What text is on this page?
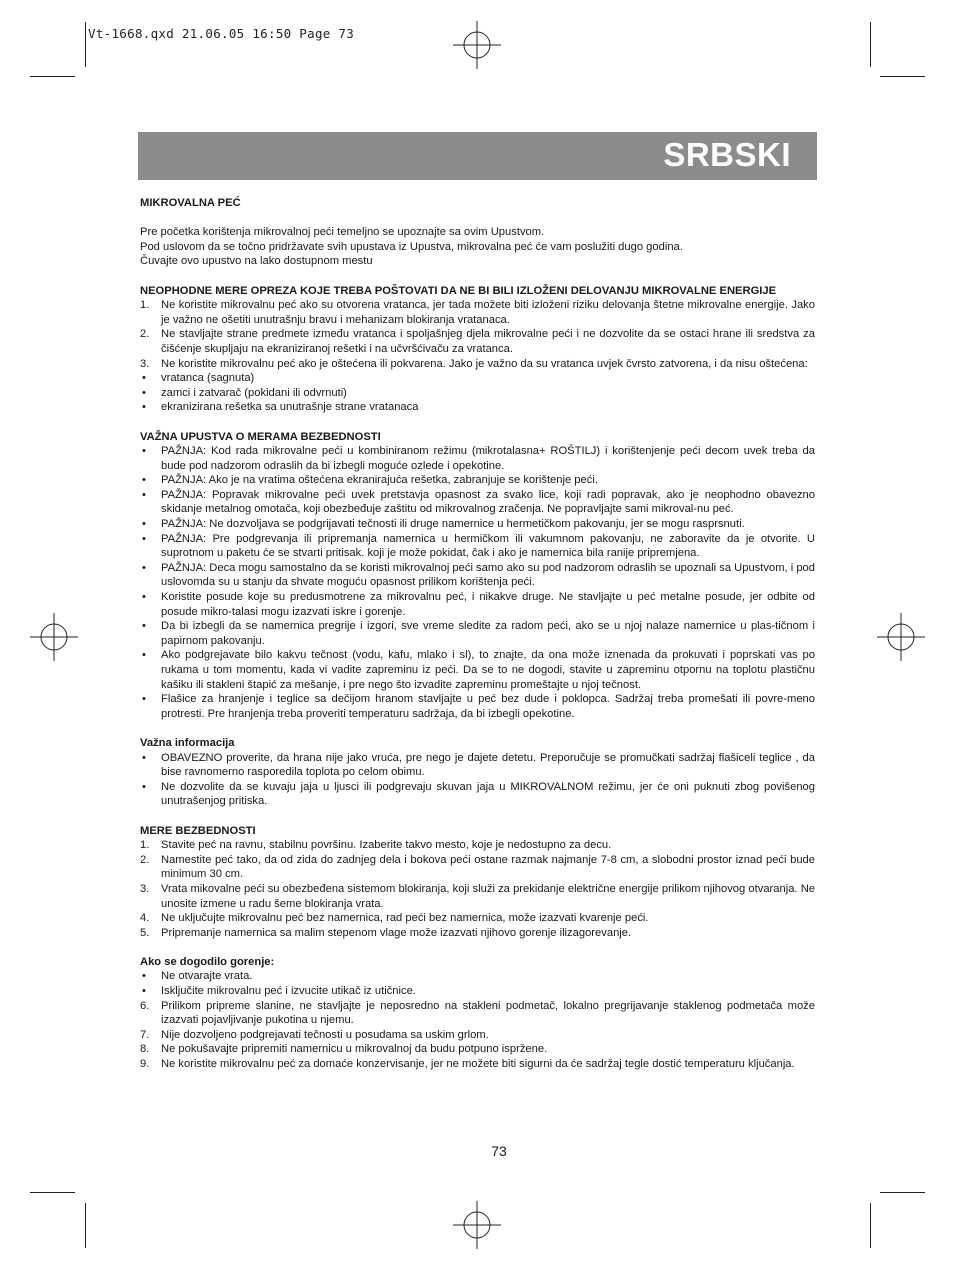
Vt-1668.qxd 21.06.05 16:50 Page 73
SRBSKI
MIKROVALNA PEĆ

Pre početka korištenja mikrovalnoj peći temeljno se upoznajte sa ovim Upustvom.

Pod uslovom da se točno pridržavate svih upustava iz Upustva, mikrovalna peć će vam poslužiti dugo godina.

Čuvajte ovo upustvo na lako dostupnom mestu

NEOPHODNE MERE OPREZA KOJE TREBA POŠTOVATI DA NE BI BILI IZLOŽENI DELOVANJU MIKROVALNE ENERGIJE
1. Ne koristite mikrovalnu peć ako su otvorena vratanca, jer tada možete biti izloženi riziku delovanja štetne mikrovalne energije. Jako je važno ne ošetiti unutrašnju bravu i mehanizam blokiranja vratanaca.
2. Ne stavljajte strane predmete između vratanca i spoljašnjeg djela mikrovalne peći i ne dozvolite da se ostaci hrane ili sredstva za čišćenje skupljaju na ekraniziranoj rešetki i na učvršćivaču za vratanca.
3. Ne koristite mikrovalnu peć ako je oštećena ili pokvarena. Jako je važno da su vratanca uvjek čvrsto zatvorena, i da nisu oštećena:
• vratanca (sagnuta)
• zamci i zatvarač (pokidani ili odvrnuti)
• ekranizirana rešetka sa unutrašnje strane vratanaca
VAŽNA UPUSTVA O MERAMA BEZBEDNOSTI
• PAŽNJA: Kod rada mikrovalne peći u kombiniranom režimu (mikrotalasna+ ROŠTILJ) i korištenjenje peći decom uvek treba da bude pod nadzorom odraslih da bi izbegli moguće ozlede i opekotine.
• PAŽNJA: Ako je na vratima oštećena ekranirajuća rešetka, zabranjuje se korištenje peći.
• PAŽNJA: Popravak mikrovalne peći uvek pretstavja opasnost za svako lice, koji radi popravak, ako je neophodno obavezno skidanje metalnog omotača, koji obezbeđuje zaštitu od mikrovalnog zračenja. Ne popravljajte sami mikroval-nu peć.
• PAŽNJA: Ne dozvoljava se podgrijavati tečnosti ili druge namernice u hermetičkom pakovanju, jer se mogu rasprsnuti.
• PAŽNJA: Pre podgrevanja ili pripremanja namernica u hermičkom ili vakumnom pakovanju, ne zaboravite da je otvorite. U suprotnom u paketu će se stvarti pritisak. koji je može pokidat, čak i ako je namernica bila ranije pripremjena.
• PAŽNJA: Deca mogu samostalno da se koristi mikrovalnoj peći samo ako su pod nadzorom odraslih se upoznali sa Upustvom, i pod uslovomda su u stanju da shvate moguću opasnost prilikom korištenja peći.
• Koristite posude koje su predusmotrene za mikrovalnu peć, i nikakve druge. Ne stavljajte u peć metalne posude, jer odbite od posude mikro-talasi mogu izazvati iskre i gorenje.
• Da bi izbegli da se namernica pregrije i izgori, sve vreme sledite za radom peći, ako se u njoj nalaze namernice u plas-tičnom i papirnom pakovanju.
• Ako podgrejavate bilo kakvu tečnost (vodu, kafu, mlako i sl), to znajte, da ona može iznenada da prokuvati i poprskati vas po rukama u tom momentu, kada vi vadite zapreminu iz peći. Da se to ne dogodi, stavite u zapreminu otpornu na toplotu plastičnu kašiku ili stakleni štapić za mešanje, i pre nego što izvadite zapreminu promeštajte u njoj tečnost.
• Flašice za hranjenje i teglice sa dečijom hranom stavljajte u peć bez dude i poklopca. Sadržaj treba promešati ili povre-meno protresti. Pre hranjenja treba proveriti temperaturu sadržaja, da bi izbegli opekotine.
Važna informacija
• OBAVEZNO proverite, da hrana nije jako vruća, pre nego je dajete detetu. Preporučuje se promučkati sadržaj flašiceli teglice , da bise ravnomerno rasporedila toplota po celom obimu.
• Ne dozvolite da se kuvaju jaja u ljusci ili podgrevaju skuvan jaja u MIKROVALNOM režimu, jer će oni puknuti zbog povišenog unutrašenjog pritiska.
MERE BEZBEDNOSTI
1. Stavite peć na ravnu, stabilnu površinu. Izaberite takvo mesto, koje je nedostupno za decu.
2. Namestite peć tako, da od zida do zadnjeg dela i bokova peći ostane razmak najmanje 7-8 cm, a slobodni prostor iznad peći bude minimum 30 cm.
3. Vrata mikovalne peći su obezbeđena sistemom blokiranja, koji služi za prekidanje električne energije prilikom njihovog otvaranja. Ne unosite izmene u radu šeme blokiranja vrata.
4. Ne uključujte mikrovalnu peć bez namernica, rad peći bez namernica, može izazvati kvarenje peći.
5. Pripremanje namernica sa malim stepenom vlage može izazvati njihovo gorenje ilizagorevanje.
Ako se dogodilo gorenje:
• Ne otvarajte vrata.
• Isključite mikrovalnu peć i izvucite utikač iz utičnice.
6. Prilikom pripreme slanine, ne stavljajte je neposredno na stakleni podmetač, lokalno pregrijavanje staklenog podmetača može izazvati pojavljivanje pukotina u njemu.
7. Nije dozvoljeno podgrejavati tečnosti u posudama sa uskim grlom.
8. Ne pokušavajte pripremiti namernicu u mikrovalnoj da budu potpuno isprženе.
9. Ne koristite mikrovalnu peć za domaće konzervisanje, jer ne možete biti sigurni da će sadržaj tegle dostić temperaturu ključanja.
73
